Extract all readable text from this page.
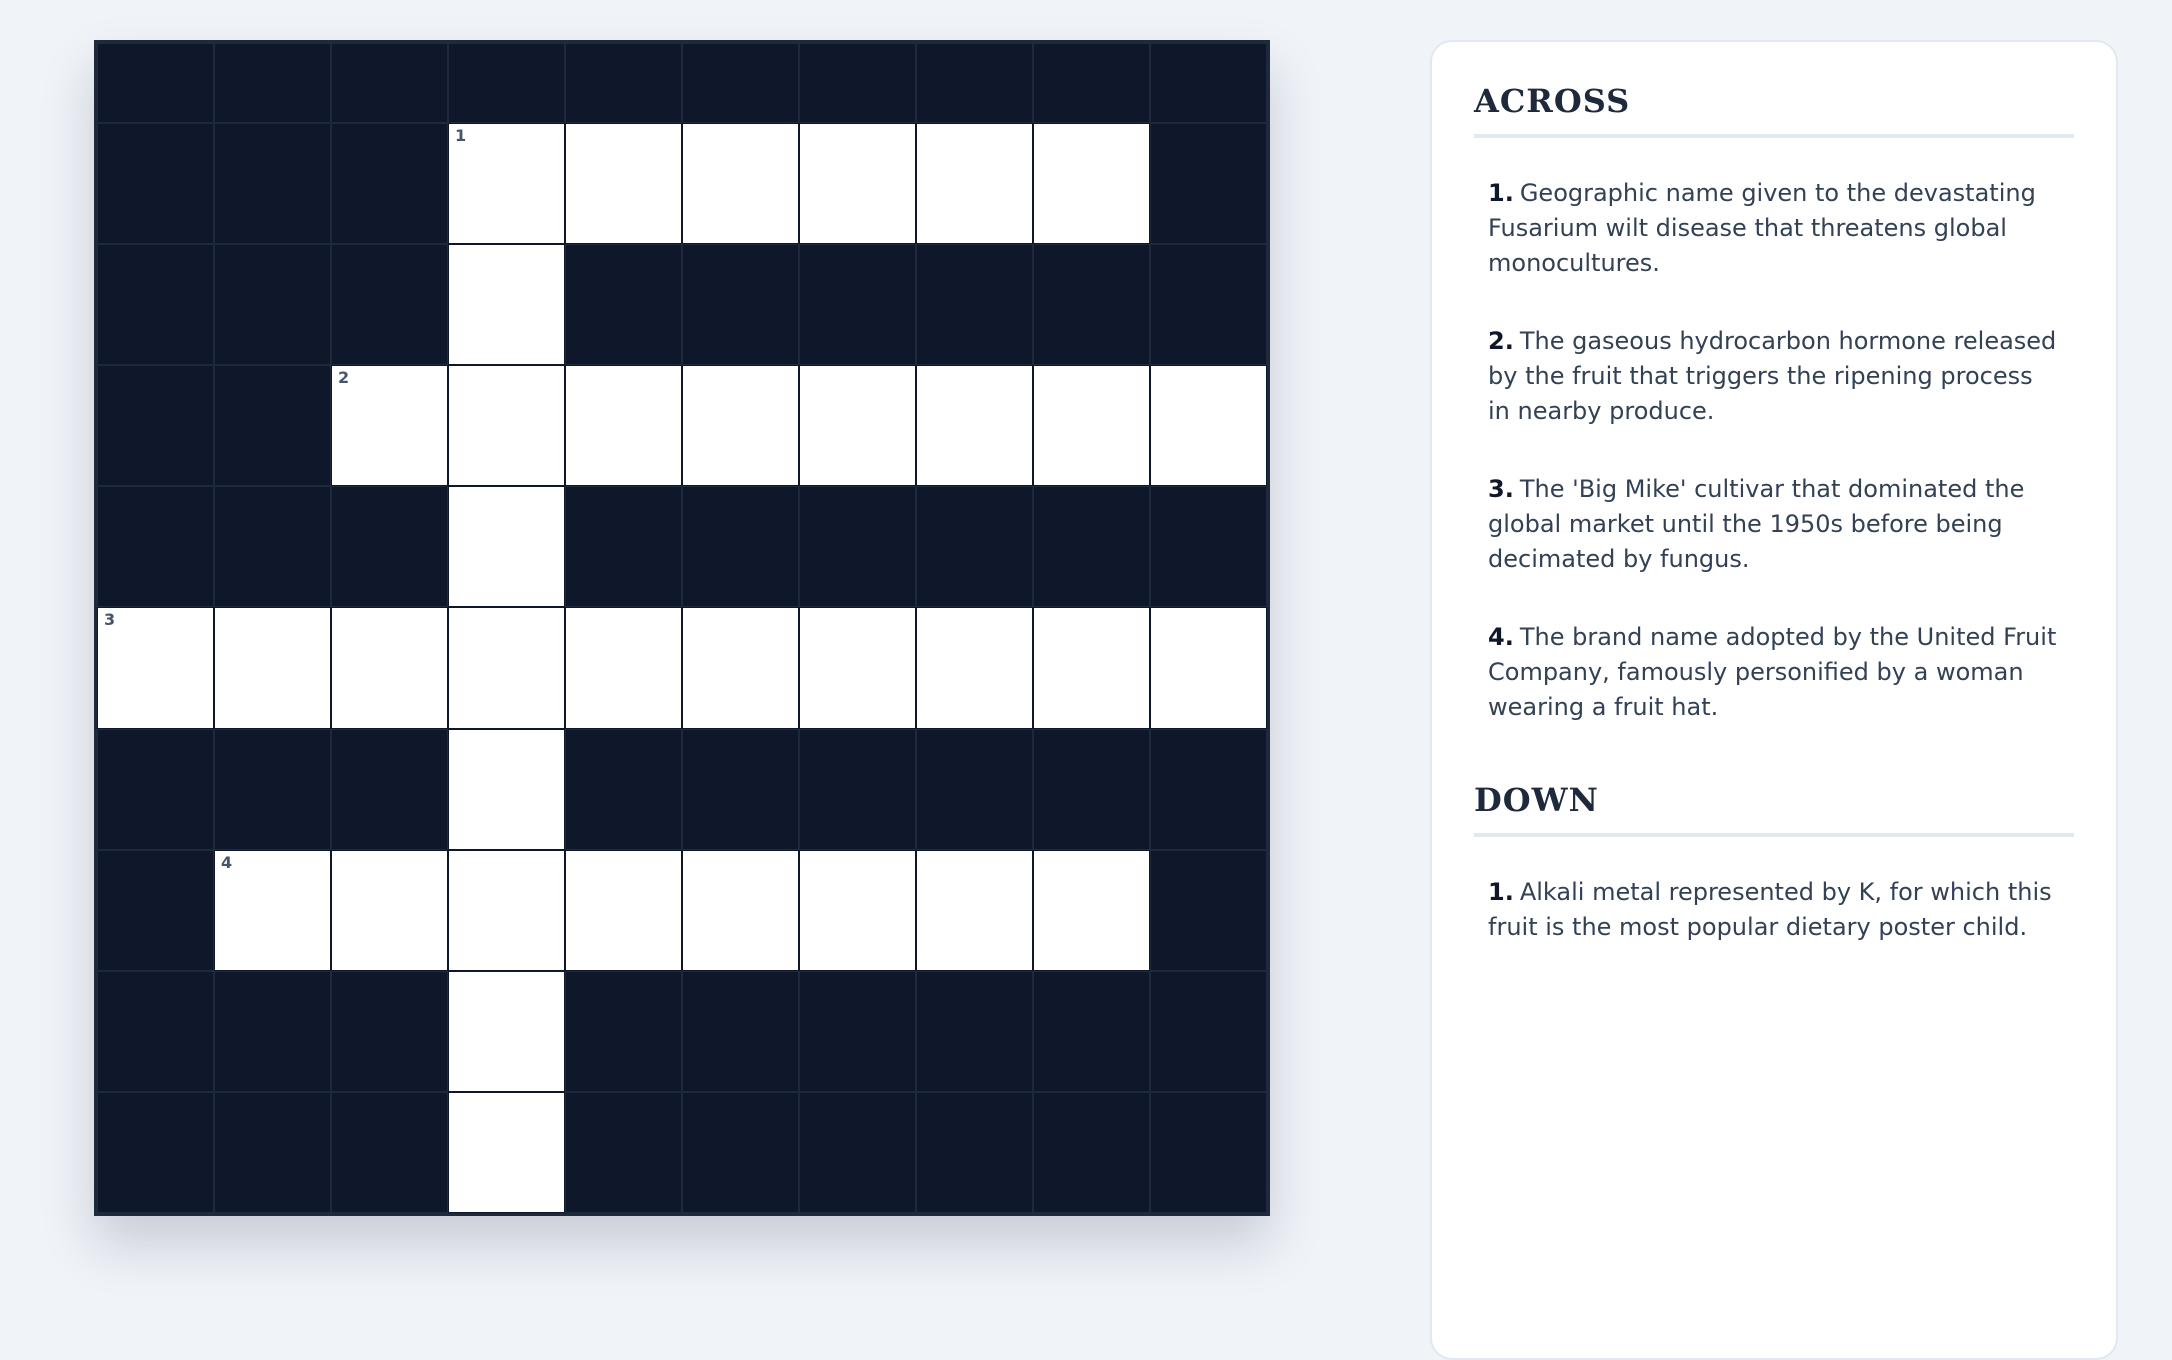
1
2
3
4
ACROSS
1. Geographic name given to the devastating Fusarium wilt disease that threatens global monocultures.
2. The gaseous hydrocarbon hormone released by the fruit that triggers the ripening process in nearby produce.
3. The 'Big Mike' cultivar that dominated the global market until the 1950s before being decimated by fungus.
4. The brand name adopted by the United Fruit Company, famously personified by a woman wearing a fruit hat.
DOWN
1. Alkali metal represented by K, for which this fruit is the most popular dietary poster child.
